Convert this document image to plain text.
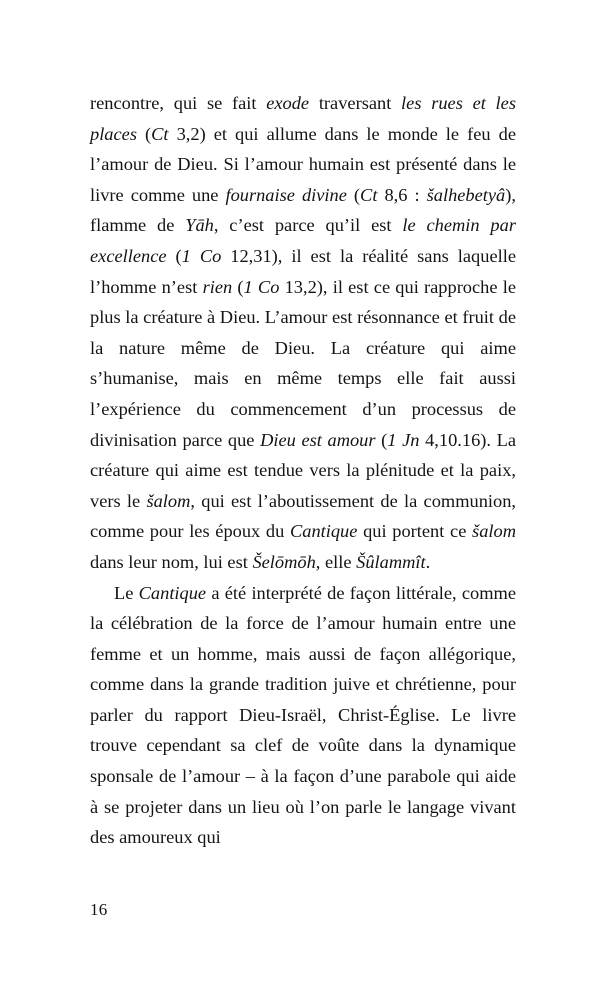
rencontre, qui se fait exode traversant les rues et les places (Ct 3,2) et qui allume dans le monde le feu de l’amour de Dieu. Si l’amour humain est présenté dans le livre comme une fournaise divine (Ct 8,6 : šalhebetyâ), flamme de Yāh, c’est parce qu’il est le chemin par excellence (1 Co 12,31), il est la réalité sans laquelle l’homme n’est rien (1 Co 13,2), il est ce qui rapproche le plus la créature à Dieu. L’amour est résonnance et fruit de la nature même de Dieu. La créature qui aime s’humanise, mais en même temps elle fait aussi l’expérience du commencement d’un processus de divinisation parce que Dieu est amour (1 Jn 4,10.16). La créature qui aime est tendue vers la plénitude et la paix, vers le šalom, qui est l’aboutissement de la communion, comme pour les époux du Cantique qui portent ce šalom dans leur nom, lui est Šelōmōh, elle Šûlammît.

Le Cantique a été interprété de façon littérale, comme la célébration de la force de l’amour humain entre une femme et un homme, mais aussi de façon allégorique, comme dans la grande tradition juive et chrétienne, pour parler du rapport Dieu-Israël, Christ-Église. Le livre trouve cependant sa clef de voûte dans la dynamique sponsale de l’amour – à la façon d’une parabole qui aide à se projeter dans un lieu où l’on parle le langage vivant des amoureux qui

16
